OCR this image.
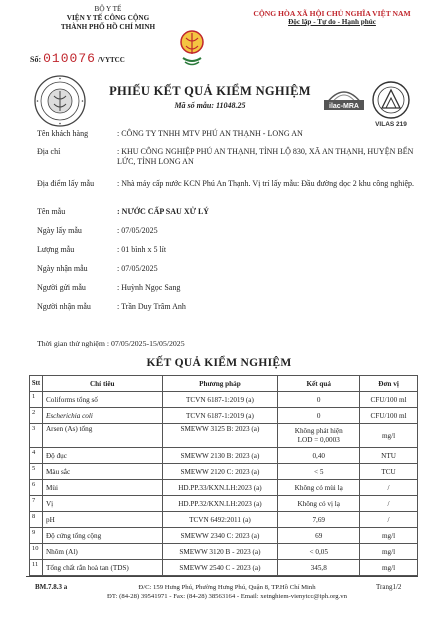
BỘ Y TẾ
VIỆN Y TẾ CÔNG CỘNG
THÀNH PHỐ HỒ CHÍ MINH
CỘNG HÒA XÃ HỘI CHỦ NGHĨA VIỆT NAM
Độc lập - Tự do - Hạnh phúc
Số: 010076 /VYTCC
PHIẾU KẾT QUẢ KIỂM NGHIỆM
Mã số mẫu: 11048.25	ilac-MRA
VILAS 219
Tên khách hàng	: CÔNG TY TNHH MTV PHÚ AN THẠNH - LONG AN
Địa chỉ	: KHU CÔNG NGHIỆP PHÚ AN THẠNH, TỈNH LỘ 830, XÃ AN THẠNH, HUYỆN BẾN LỨC, TỈNH LONG AN
Địa điểm lấy mẫu	: Nhà máy cấp nước KCN Phú An Thạnh. Vị trí lấy mẫu: Đầu đường dọc 2 khu công nghiệp.
Tên mẫu	: NƯỚC CẤP SAU XỬ LÝ
Ngày lấy mẫu	: 07/05/2025
Lượng mẫu	: 01 bình x 5 lít
Ngày nhận mẫu	: 07/05/2025
Người gửi mẫu	: Huỳnh Ngọc Sang
Người nhận mẫu	: Trần Duy Trâm Anh
Thời gian thử nghiệm : 07/05/2025-15/05/2025
KẾT QUẢ KIỂM NGHIỆM
Stt	Chỉ tiêu	Phương pháp	Kết quả	Đơn vị
1	Coliforms tổng số	TCVN 6187-1:2019 (a)	0	CFU/100 ml
2	Escherichia coli	TCVN 6187-1:2019 (a)	0	CFU/100 ml
3	Arsen (As) tổng	SMEWW 3125 B: 2023 (a)	Không phát hiện LOD = 0,0003	mg/l
4	Độ đục	SMEWW 2130 B: 2023 (a)	0,40	NTU
5	Màu sắc	SMEWW 2120 C: 2023 (a)	< 5	TCU
6	Mùi	HD.PP.33/KXN.LH:2023 (a)	Không có mùi lạ	/
7	Vị	HD.PP.32/KXN.LH:2023 (a)	Không có vị lạ	/
8	pH	TCVN 6492:2011 (a)	7,69	/
9	Độ cứng tổng cộng	SMEWW 2340 C: 2023 (a)	69	mg/l
10	Nhôm (Al)	SMEWW 3120 B - 2023 (a)	< 0,05	mg/l
11	Tổng chất rắn hoà tan (TDS)	SMEWW 2540 C - 2023 (a)	345,8	mg/l
BM.7.8.3 a	Đ/C: 159 Hưng Phú, Phường Hưng Phú, Quận 8, TP.Hồ Chí Minh
ĐT: (84-28) 39541971 - Fax: (84-28) 38563164 - Email: xetnghiem-vienytcc@iph.org.vn
Trang1/2
